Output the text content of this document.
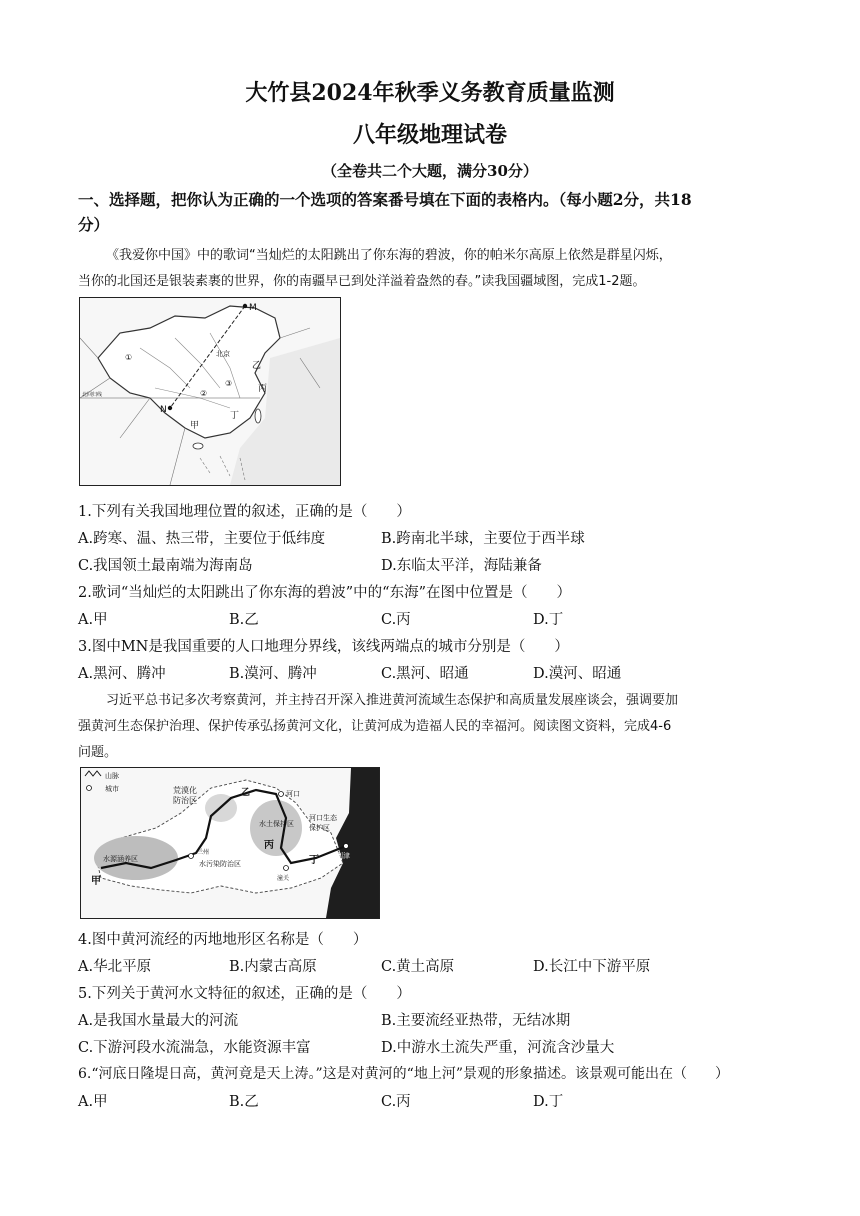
大竹县2024年秋季义务教育质量监测
八年级地理试卷
（全卷共二个大题，满分30分）
一、选择题，把你认为正确的一个选项的答案番号填在下面的表格内。（每小题2分，共18
分）
《我爱你中国》中的歌词“当灿烂的太阳跳出了你东海的碧波，你的帕米尔高原上依然是群星闪烁，
当你的北国还是银装素裹的世界，你的南疆早已到处洋溢着盎然的春。”读我国疆域图，完成1-2题。
M
N
北京
乙
丙
丁
甲
①
②
③
北回归线
1.下列有关我国地理位置的叙述，正确的是（　　）
A.跨寒、温、热三带，主要位于低纬度	B.跨南北半球，主要位于西半球
C.我国领土最南端为海南岛	D.东临太平洋，海陆兼备
2.歌词“当灿烂的太阳跳出了你东海的碧波”中的“东海”在图中位置是（　　）
A.甲	B.乙	C.丙	D.丁
3.图中MN是我国重要的人口地理分界线，该线两端点的城市分别是（　　）
A.黑河、腾冲	B.漠河、腾冲	C.黑河、昭通	D.漠河、昭通
习近平总书记多次考察黄河，并主持召开深入推进黄河流域生态保护和高质量发展座谈会，强调要加
强黄河生态保护治理、保护传承弘扬黄河文化，让黄河成为造福人民的幸福河。阅读图文资料，完成4-6
问题。
山脉
城市	荒漠化
防治区
乙	河口
河口生态
保护区
利津
水土保持区
丙
丁
水源涵养区
水污染防治区
兰州
潼关
甲
4.图中黄河流经的丙地地形区名称是（　　）
A.华北平原	B.内蒙古高原	C.黄土高原	D.长江中下游平原
5.下列关于黄河水文特征的叙述，正确的是（　　）
A.是我国水量最大的河流	B.主要流经亚热带，无结冰期
C.下游河段水流湍急，水能资源丰富	D.中游水土流失严重，河流含沙量大
6.“河底日隆堤日高，黄河竟是天上涛。”这是对黄河的“地上河”景观的形象描述。该景观可能出在（　　）
A.甲	B.乙	C.丙	D.丁
